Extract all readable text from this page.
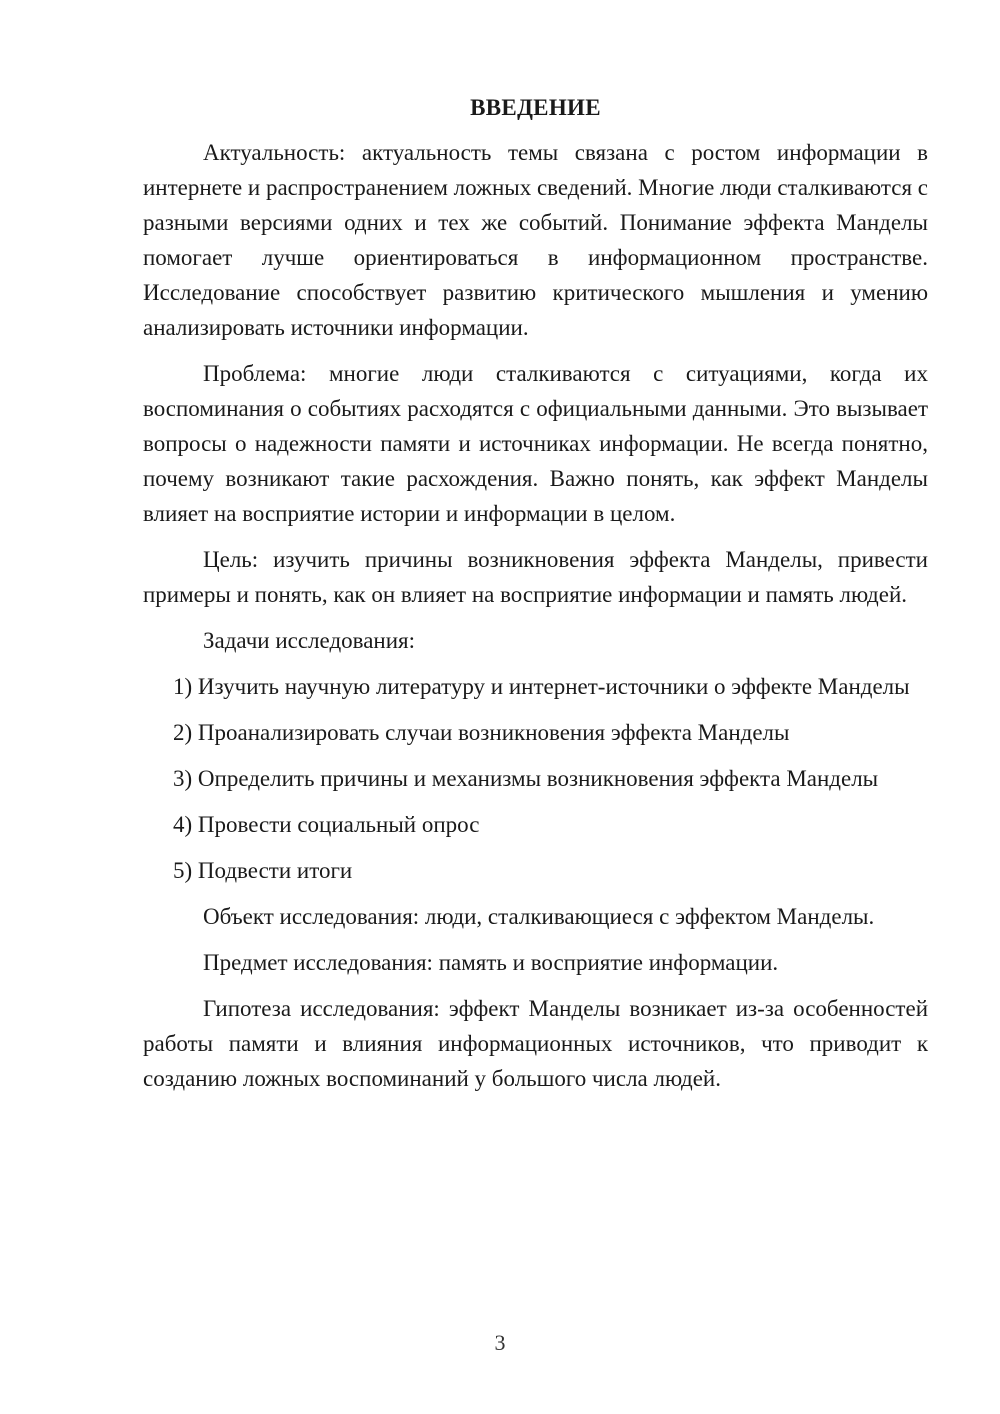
ВВЕДЕНИЕ

Актуальность: актуальность темы связана с ростом информации в интернете и распространением ложных сведений. Многие люди сталкиваются с разными версиями одних и тех же событий. Понимание эффекта Манделы помогает лучше ориентироваться в информационном пространстве. Исследование способствует развитию критического мышления и умению анализировать источники информации.

Проблема: многие люди сталкиваются с ситуациями, когда их воспоминания о событиях расходятся с официальными данными. Это вызывает вопросы о надежности памяти и источниках информации. Не всегда понятно, почему возникают такие расхождения. Важно понять, как эффект Манделы влияет на восприятие истории и информации в целом.

Цель: изучить причины возникновения эффекта Манделы, привести примеры и понять, как он влияет на восприятие информации и память людей.

Задачи исследования:

1) Изучить научную литературу и интернет-источники о эффекте Манделы

2) Проанализировать случаи возникновения эффекта Манделы

3) Определить причины и механизмы возникновения эффекта Манделы

4) Провести социальный опрос

5) Подвести итоги

Объект исследования: люди, сталкивающиеся с эффектом Манделы.

Предмет исследования: память и восприятие информации.

Гипотеза исследования: эффект Манделы возникает из-за особенностей работы памяти и влияния информационных источников, что приводит к созданию ложных воспоминаний у большого числа людей.

3
